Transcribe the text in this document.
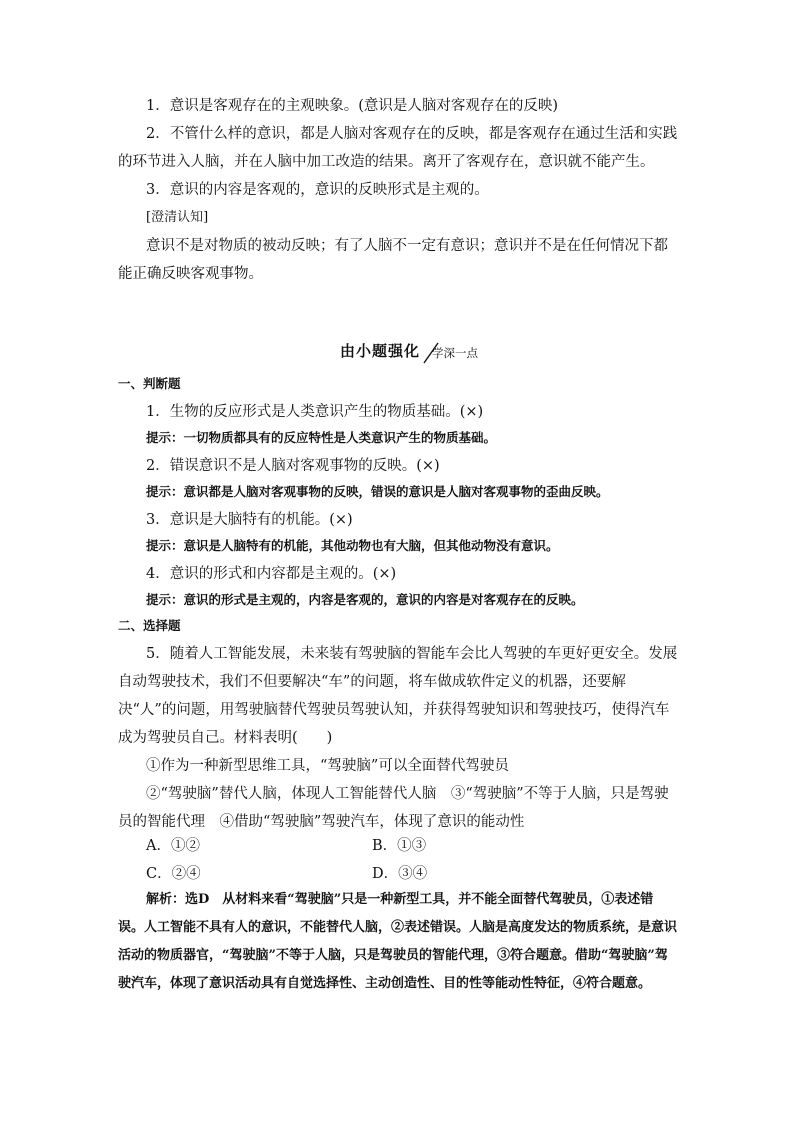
1．意识是客观存在的主观映象。(意识是人脑对客观存在的反映)

2．不管什么样的意识，都是人脑对客观存在的反映，都是客观存在通过生活和实践的环节进入人脑，并在人脑中加工改造的结果。离开了客观存在，意识就不能产生。

3．意识的内容是客观的，意识的反映形式是主观的。

[澄清认知]

意识不是对物质的被动反映；有了人脑不一定有意识；意识并不是在任何情况下都能正确反映客观事物。

由小题强化 学深一点

一、判断题

1．生物的反应形式是人类意识产生的物质基础。(×)

提示：一切物质都具有的反应特性是人类意识产生的物质基础。

2．错误意识不是人脑对客观事物的反映。(×)

提示：意识都是人脑对客观事物的反映，错误的意识是人脑对客观事物的歪曲反映。

3．意识是大脑特有的机能。(×)

提示：意识是人脑特有的机能，其他动物也有大脑，但其他动物没有意识。

4．意识的形式和内容都是主观的。(×)

提示：意识的形式是主观的，内容是客观的，意识的内容是对客观存在的反映。

二、选择题

5．随着人工智能发展，未来装有驾驶脑的智能车会比人驾驶的车更好更安全。发展自动驾驶技术，我们不但要解决“车”的问题，将车做成软件定义的机器，还要解决“人”的问题，用驾驶脑替代驾驶员驾驶认知，并获得驾驶知识和驾驶技巧，使得汽车成为驾驶员自己。材料表明(　　)

①作为一种新型思维工具，“驾驶脑”可以全面替代驾驶员

②“驾驶脑”替代人脑，体现人工智能替代人脑　③“驾驶脑”不等于人脑，只是驾驶员的智能代理　④借助“驾驶脑”驾驶汽车，体现了意识的能动性

A．①②	B．①③
C．②④	D．③④

解析：选D　从材料来看“驾驶脑”只是一种新型工具，并不能全面替代驾驶员，①表述错误。人工智能不具有人的意识，不能替代人脑，②表述错误。人脑是高度发达的物质系统，是意识活动的物质器官，“驾驶脑”不等于人脑，只是驾驶员的智能代理，③符合题意。借助“驾驶脑”驾驶汽车，体现了意识活动具有自觉选择性、主动创造性、目的性等能动性特征，④符合题意。
